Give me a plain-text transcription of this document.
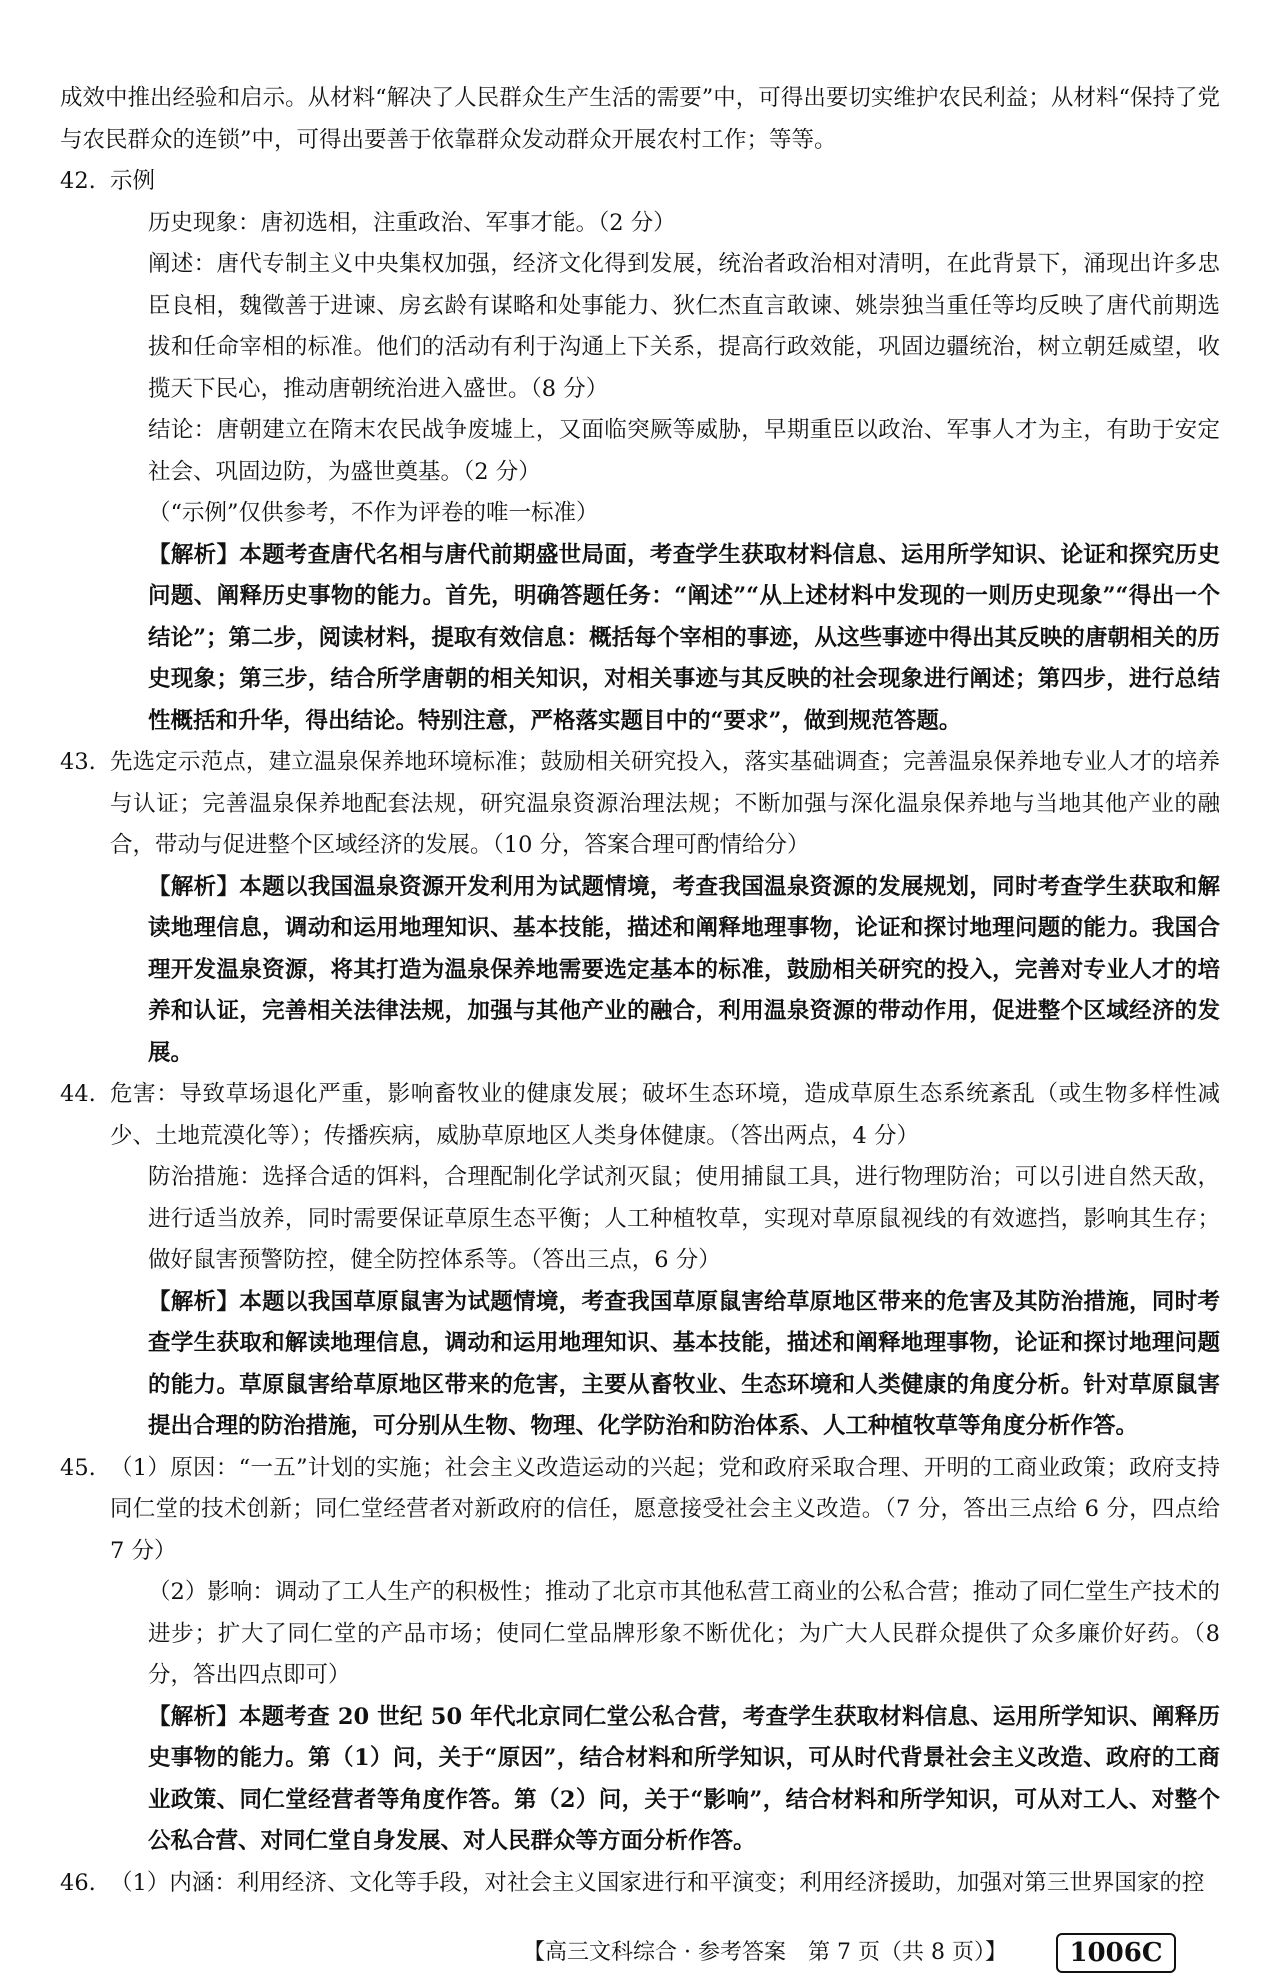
成效中推出经验和启示。从材料“解决了人民群众生产生活的需要”中，可得出要切实维护农民利益；从材料“保持了党与农民群众的连锁”中，可得出要善于依靠群众发动群众开展农村工作；等等。

42. 示例

历史现象：唐初选相，注重政治、军事才能。（2 分）

阐述：唐代专制主义中央集权加强，经济文化得到发展，统治者政治相对清明，在此背景下，涌现出许多忠臣良相，魏徵善于进谏、房玄龄有谋略和处事能力、狄仁杰直言敢谏、姚崇独当重任等均反映了唐代前期选拔和任命宰相的标准。他们的活动有利于沟通上下关系，提高行政效能，巩固边疆统治，树立朝廷威望，收揽天下民心，推动唐朝统治进入盛世。（8 分）

结论：唐朝建立在隋末农民战争废墟上，又面临突厥等威胁，早期重臣以政治、军事人才为主，有助于安定社会、巩固边防，为盛世奠基。（2 分）

（“示例”仅供参考，不作为评卷的唯一标准）

【解析】本题考查唐代名相与唐代前期盛世局面，考查学生获取材料信息、运用所学知识、论证和探究历史问题、阐释历史事物的能力。首先，明确答题任务：“阐述”“从上述材料中发现的一则历史现象”“得出一个结论”；第二步，阅读材料，提取有效信息：概括每个宰相的事迹，从这些事迹中得出其反映的唐朝相关的历史现象；第三步，结合所学唐朝的相关知识，对相关事迹与其反映的社会现象进行阐述；第四步，进行总结性概括和升华，得出结论。特别注意，严格落实题目中的“要求”，做到规范答题。

43. 先选定示范点，建立温泉保养地环境标准；鼓励相关研究投入，落实基础调查；完善温泉保养地专业人才的培养与认证；完善温泉保养地配套法规，研究温泉资源治理法规；不断加强与深化温泉保养地与当地其他产业的融合，带动与促进整个区域经济的发展。（10 分，答案合理可酌情给分）

【解析】本题以我国温泉资源开发利用为试题情境，考查我国温泉资源的发展规划，同时考查学生获取和解读地理信息，调动和运用地理知识、基本技能，描述和阐释地理事物，论证和探讨地理问题的能力。我国合理开发温泉资源，将其打造为温泉保养地需要选定基本的标准，鼓励相关研究的投入，完善对专业人才的培养和认证，完善相关法律法规，加强与其他产业的融合，利用温泉资源的带动作用，促进整个区域经济的发展。

44. 危害：导致草场退化严重，影响畜牧业的健康发展；破坏生态环境，造成草原生态系统紊乱（或生物多样性减少、土地荒漠化等）；传播疾病，威胁草原地区人类身体健康。（答出两点，4 分）

防治措施：选择合适的饵料，合理配制化学试剂灭鼠；使用捕鼠工具，进行物理防治；可以引进自然天敌，进行适当放养，同时需要保证草原生态平衡；人工种植牧草，实现对草原鼠视线的有效遮挡，影响其生存；做好鼠害预警防控，健全防控体系等。（答出三点，6 分）

【解析】本题以我国草原鼠害为试题情境，考查我国草原鼠害给草原地区带来的危害及其防治措施，同时考查学生获取和解读地理信息，调动和运用地理知识、基本技能，描述和阐释地理事物，论证和探讨地理问题的能力。草原鼠害给草原地区带来的危害，主要从畜牧业、生态环境和人类健康的角度分析。针对草原鼠害提出合理的防治措施，可分别从生物、物理、化学防治和防治体系、人工种植牧草等角度分析作答。

45. （1）原因：“一五”计划的实施；社会主义改造运动的兴起；党和政府采取合理、开明的工商业政策；政府支持同仁堂的技术创新；同仁堂经营者对新政府的信任，愿意接受社会主义改造。（7 分，答出三点给 6 分，四点给 7 分）

（2）影响：调动了工人生产的积极性；推动了北京市其他私营工商业的公私合营；推动了同仁堂生产技术的进步；扩大了同仁堂的产品市场；使同仁堂品牌形象不断优化；为广大人民群众提供了众多廉价好药。（8 分，答出四点即可）

【解析】本题考查 20 世纪 50 年代北京同仁堂公私合营，考查学生获取材料信息、运用所学知识、阐释历史事物的能力。第（1）问，关于“原因”，结合材料和所学知识，可从时代背景社会主义改造、政府的工商业政策、同仁堂经营者等角度作答。第（2）问，关于“影响”，结合材料和所学知识，可从对工人、对整个公私合营、对同仁堂自身发展、对人民群众等方面分析作答。

46. （1）内涵：利用经济、文化等手段，对社会主义国家进行和平演变；利用经济援助，加强对第三世界国家的控

【高三文科综合 · 参考答案　第 7 页（共 8 页）】	1006C
